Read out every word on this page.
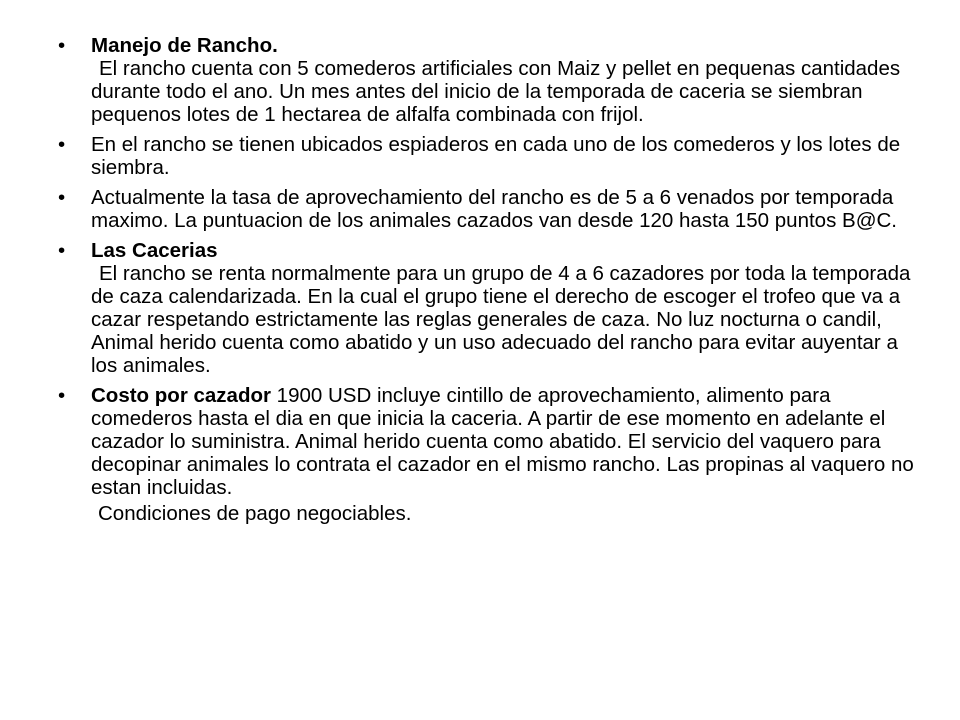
• Manejo de Rancho.
El rancho cuenta con 5 comederos artificiales con Maiz y pellet en pequenas cantidades durante todo el ano. Un mes antes del inicio de la temporada de caceria se siembran pequenos lotes de 1 hectarea de alfalfa combinada con frijol.
• En el rancho se tienen ubicados espiaderos en cada uno de los comederos y los lotes de siembra.
• Actualmente la tasa de aprovechamiento del rancho es de 5 a 6 venados por temporada maximo. La puntuacion de los animales cazados van desde 120 hasta 150 puntos B@C.
• Las Cacerias
El rancho se renta normalmente para un grupo de 4 a 6 cazadores por toda la temporada de caza calendarizada. En la cual el grupo tiene el derecho de escoger el trofeo que va a cazar respetando estrictamente las reglas generales de caza. No luz nocturna o candil, Animal herido cuenta como abatido y un uso adecuado del rancho para evitar auyentar a los animales.
• Costo por cazador 1900 USD incluye cintillo de aprovechamiento, alimento para comederos hasta el dia en que inicia la caceria. A partir de ese momento en adelante el cazador lo suministra. Animal herido cuenta como abatido. El servicio del vaquero para decopinar animales lo contrata el cazador en el mismo rancho. Las propinas al vaquero no estan incluidas.
Condiciones de pago negociables.
